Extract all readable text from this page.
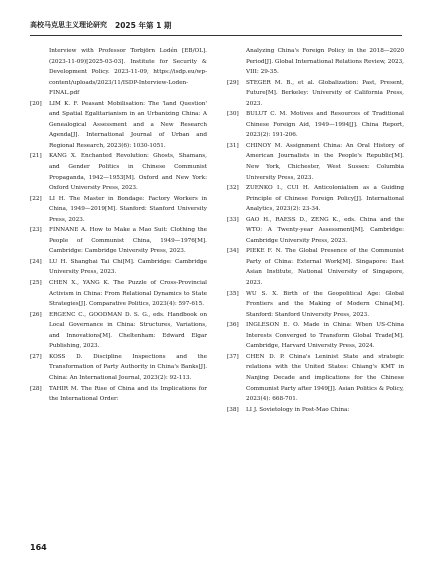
高校马克思主义理论研究 2025 年第 1 期
Interview with Professor Torbjörn Lodén [EB/OL]. (2023-11-09)[2025-03-03]. Institute for Security & Development Policy. 2023-11-09, https://isdp.eu/wp-content/uploads/2023/11/ISDP-Interview-Loden-FINAL.pdf
[20]	LIM K. F. Peasant Mobilisation: The 'land Question' and Spatial Egalitarianism in an Urbanizing China: A Genealogical Assessment and a New Research Agenda[J]. International Journal of Urban and Regional Research, 2023(6): 1030-1051.
[21]	KANG X. Enchanted Revolution: Ghosts, Shamans, and Gender Politics in Chinese Communist Propaganda, 1942—1953[M]. Oxford and New York: Oxford University Press, 2023.
[22]	LI H. The Master in Bondage: Factory Workers in China, 1949—2019[M]. Stanford: Stanford University Press, 2023.
[23]	FINNANE A. How to Make a Mao Suit: Clothing the People of Communist China, 1949—1976[M]. Cambridge: Cambridge University Press, 2023.
[24]	LU H. Shanghai Tai Chi[M]. Cambridge: Cambridge University Press, 2023.
[25]	CHEN X., YANG K. The Puzzle of Cross-Provincial Activism in China: From Relational Dynamics to State Strategies[J]. Comparative Politics, 2023(4): 597-615.
[26]	ERGENC C., GOODMAN D. S. G., eds. Handbook on Local Governance in China: Structures, Variations, and Innovations[M]. Cheltenham: Edward Elgar Publishing, 2023.
[27]	KOSS D. Discipline Inspections and the Transformation of Party Authority in China's Banks[J]. China: An International Journal, 2023(2): 92-113.
[28]	TAHIR M. The Rise of China and its Implications for the International Order:
Analyzing China's Foreign Policy in the 2018—2020 Period[J]. Global International Relations Review, 2023, VIII: 29-35.
[29]	STEGER M. B., et al. Globalization: Past, Present, Future[M]. Berkeley: University of California Press, 2023.
[30]	BULUT C. M. Motives and Resources of Traditional Chinese Foreign Aid, 1949—1994[J]. China Report, 2023(2): 191-206.
[31]	CHINOY M. Assignment China: An Oral History of American Journalists in the People's Republic[M]. New York, Chichester, West Sussex: Columbia University Press, 2023.
[32]	ZUENKO I., CUI H. Anticolonialism as a Guiding Principle of Chinese Foreign Policy[J]. International Analytics, 2023(2): 23-34.
[33]	GAO H., RAESS D., ZENG K., eds. China and the WTO: A Twenty-year Assessment[M]. Cambridge: Cambridge University Press, 2023.
[34]	PIEKE F. N. The Global Presence of the Communist Party of China: External Work[M]. Singapore: East Asian Institute, National University of Singapore, 2023.
[35]	WU S. X. Birth of the Geopolitical Age: Global Frontiers and the Making of Modern China[M]. Stanford: Stanford University Press, 2023.
[36]	INGLESON E. O. Made in China: When US-China Interests Converged to Transform Global Trade[M]. Cambridge, Harvard University Press, 2024.
[37]	CHEN D. P. China's Leninist State and strategic relations with the United States: Chiang's KMT in Nanjing Decade and implications for the Chinese Communist Party after 1949[J]. Asian Politics & Policy, 2023(4): 668-701.
[38]	LI J. Sovietology in Post-Mao China:
164
